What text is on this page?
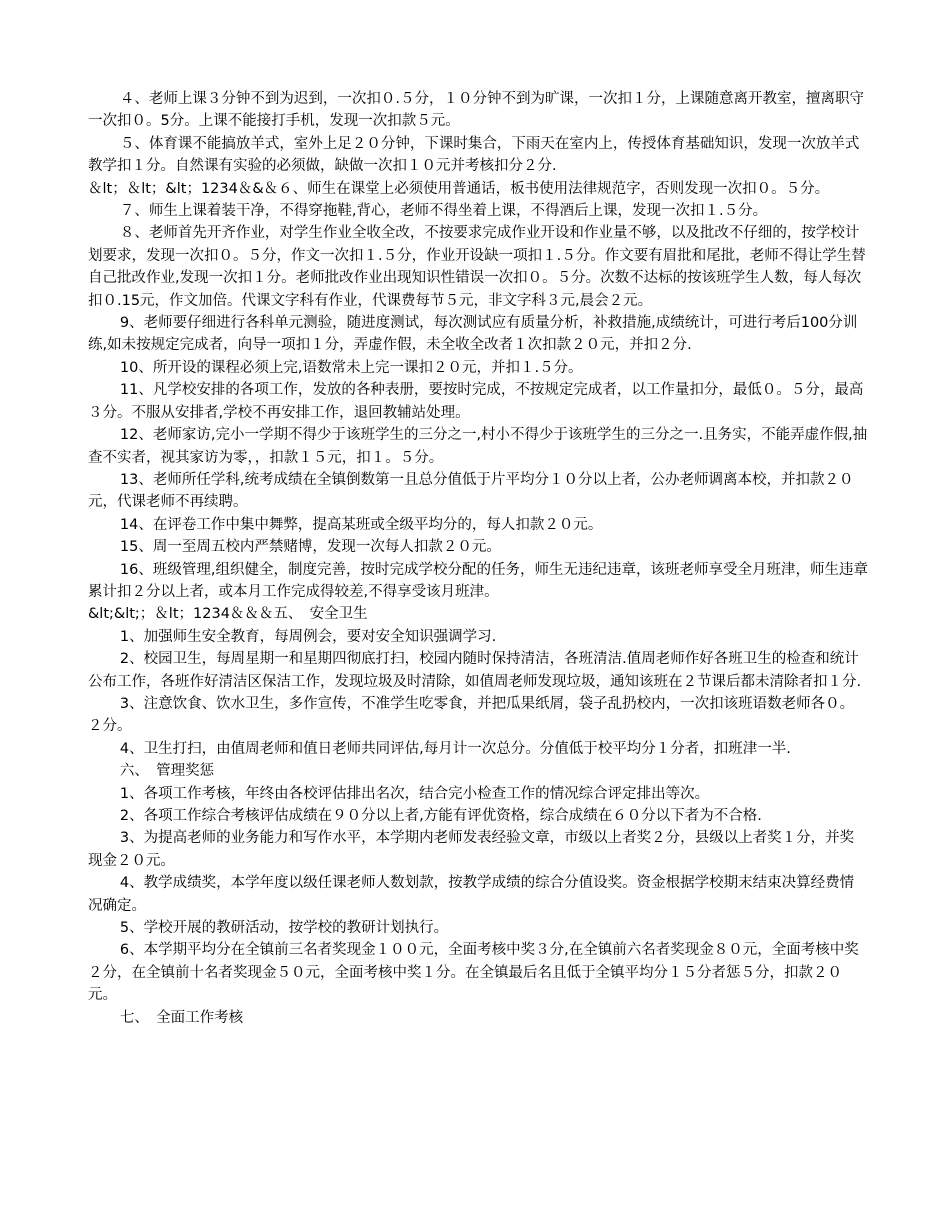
４、老师上课３分钟不到为迟到，一次扣０.５分，１０分钟不到为旷课，一次扣１分，上课随意离开教室，擅离职守一次扣０。5分。上课不能接打手机，发现一次扣款５元。

５、体育课不能搞放羊式，室外上足２０分钟，下课时集合，下雨天在室内上，传授体育基础知识，发现一次放羊式教学扣１分。自然课有实验的必须做，缺做一次扣１０元并考核扣分２分.

＆lt；＆lt；&lt；1234＆&＆６、师生在课堂上必须使用普通话，板书使用法律规范字，否则发现一次扣０。５分。

７、师生上课着装干净，不得穿拖鞋,背心，老师不得坐着上课，不得酒后上课，发现一次扣１.５分。

８、老师首先开齐作业，对学生作业全收全改，不按要求完成作业开设和作业量不够，以及批改不仔细的，按学校计划要求，发现一次扣０。５分，作文一次扣１.５分，作业开设缺一项扣１.５分。作文要有眉批和尾批，老师不得让学生替自己批改作业,发现一次扣１分。老师批改作业出现知识性错误一次扣０。５分。次数不达标的按该班学生人数，每人每次扣０.15元，作文加倍。代课文字科有作业，代课费每节５元，非文字科３元,晨会２元。

9、老师要仔细进行各科单元测验，随进度测试，每次测试应有质量分析，补救措施,成绩统计，可进行考后100分训练,如未按规定完成者，向导一项扣１分，弄虚作假，未全收全改者１次扣款２０元，并扣２分.

10、所开设的课程必须上完,语数常未上完一课扣２０元，并扣１.５分。

11、凡学校安排的各项工作，发放的各种表册，要按时完成，不按规定完成者，以工作量扣分，最低０。５分，最高３分。不服从安排者,学校不再安排工作，退回教辅站处理。

12、老师家访,完小一学期不得少于该班学生的三分之一,村小不得少于该班学生的三分之一.且务实，不能弄虚作假,抽查不实者，视其家访为零，，扣款１５元，扣１。５分。

13、老师所任学科,统考成绩在全镇倒数第一且总分值低于片平均分１０分以上者，公办老师调离本校，并扣款２０元，代课老师不再续聘。

14、在评卷工作中集中舞弊，提高某班或全级平均分的，每人扣款２０元。

15、周一至周五校内严禁赌博，发现一次每人扣款２０元。

16、班级管理,组织健全，制度完善，按时完成学校分配的任务，师生无违纪违章，该班老师享受全月班津，师生违章累计扣２分以上者，或本月工作完成得较差,不得享受该月班津。

&lt;&lt;；＆lt；1234＆＆＆五、　安全卫生

1、加强师生安全教育，每周例会，要对安全知识强调学习.

2、校园卫生，每周星期一和星期四彻底打扫，校园内随时保持清洁，各班清洁.值周老师作好各班卫生的检查和统计公布工作，各班作好清洁区保洁工作，发现垃圾及时清除，如值周老师发现垃圾，通知该班在２节课后都未清除者扣１分.

3、注意饮食、饮水卫生，多作宣传，不准学生吃零食，并把瓜果纸屑，袋子乱扔校内，一次扣该班语数老师各０。２分。

4、卫生打扫，由值周老师和值日老师共同评估,每月计一次总分。分值低于校平均分１分者，扣班津一半.

六、　管理奖惩

1、各项工作考核，年终由各校评估排出名次，结合完小检查工作的情况综合评定排出等次。

2、各项工作综合考核评估成绩在９０分以上者,方能有评优资格，综合成绩在６０分以下者为不合格.

3、为提高老师的业务能力和写作水平，本学期内老师发表经验文章，市级以上者奖２分，县级以上者奖１分，并奖现金２０元。

4、教学成绩奖，本学年度以级任课老师人数划款，按教学成绩的综合分值设奖。资金根据学校期末结束决算经费情况确定。

5、学校开展的教研活动，按学校的教研计划执行。

6、本学期平均分在全镇前三名者奖现金１００元，全面考核中奖３分,在全镇前六名者奖现金８０元，全面考核中奖２分，在全镇前十名者奖现金５０元，全面考核中奖１分。在全镇最后名且低于全镇平均分１５分者惩５分，扣款２０元。

七、　全面工作考核
